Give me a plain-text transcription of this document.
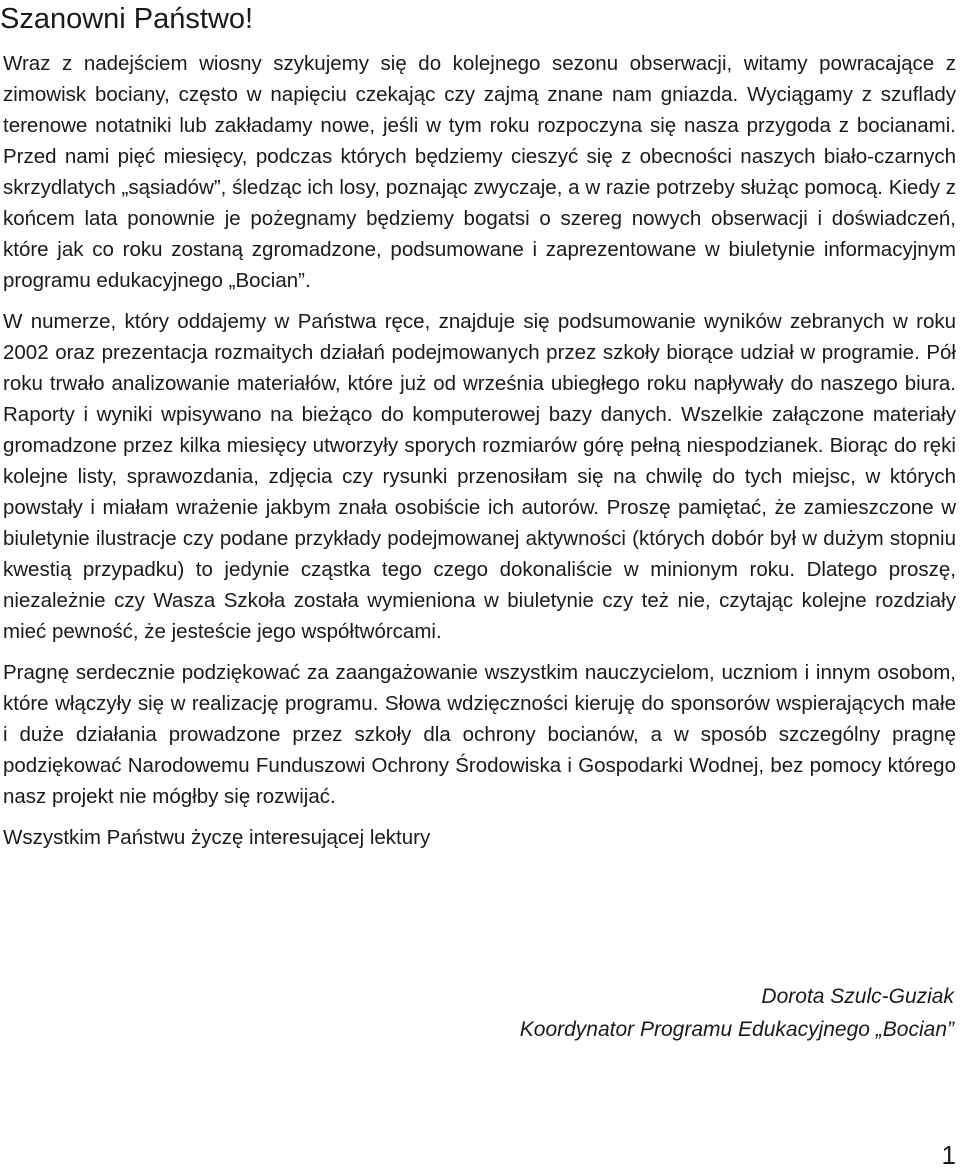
Szanowni Państwo!

Wraz z nadejściem wiosny szykujemy się do kolejnego sezonu obserwacji, witamy powracające z zimowisk bociany, często w napięciu czekając czy zajmą znane nam gniazda. Wyciągamy z szuflady terenowe notatniki lub zakładamy nowe, jeśli w tym roku rozpoczyna się nasza przygoda z bocianami. Przed nami pięć miesięcy, podczas których będziemy cieszyć się z obecności naszych biało-czarnych skrzydlatych „sąsiadów”, śledząc ich losy, poznając zwyczaje, a w razie potrzeby służąc pomocą. Kiedy z końcem lata ponownie je pożegnamy będziemy bogatsi o szereg nowych obserwacji i doświadczeń, które jak co roku zostaną zgromadzone, podsumowane i zaprezentowane w biuletynie informacyjnym programu edukacyjnego „Bocian”.

W numerze, który oddajemy w Państwa ręce, znajduje się podsumowanie wyników zebranych w roku 2002 oraz prezentacja rozmaitych działań podejmowanych przez szkoły biorące udział w programie. Pół roku trwało analizowanie materiałów, które już od września ubiegłego roku napływały do naszego biura. Raporty i wyniki wpisywano na bieżąco do komputerowej bazy danych. Wszelkie załączone materiały gromadzone przez kilka miesięcy utworzyły sporych rozmiarów górę pełną niespodzianek. Biorąc do ręki kolejne listy, sprawozdania, zdjęcia czy rysunki przenosiłam się na chwilę do tych miejsc, w których powstały i miałam wrażenie jakbym znała osobiście ich autorów. Proszę pamiętać, że zamieszczone w biuletynie ilustracje czy podane przykłady podejmowanej aktywności (których dobór był w dużym stopniu kwestią przypadku) to jedynie cząstka tego czego dokonaliście w minionym roku. Dlatego proszę, niezależnie czy Wasza Szkoła została wymieniona w biuletynie czy też nie, czytając kolejne rozdziały mieć pewność, że jesteście jego współtwórcami.

Pragnę serdecznie podziękować za zaangażowanie wszystkim nauczycielom, uczniom i innym osobom, które włączyły się w realizację programu. Słowa wdzięczności kieruję do sponsorów wspierających małe i duże działania prowadzone przez szkoły dla ochrony bocianów, a w sposób szczególny pragnę podziękować Narodowemu Funduszowi Ochrony Środowiska i Gospodarki Wodnej, bez pomocy którego nasz projekt nie mógłby się rozwijać.

Wszystkim Państwu życzę interesującej lektury

Dorota Szulc-Guziak
Koordynator Programu Edukacyjnego „Bocian”
1
